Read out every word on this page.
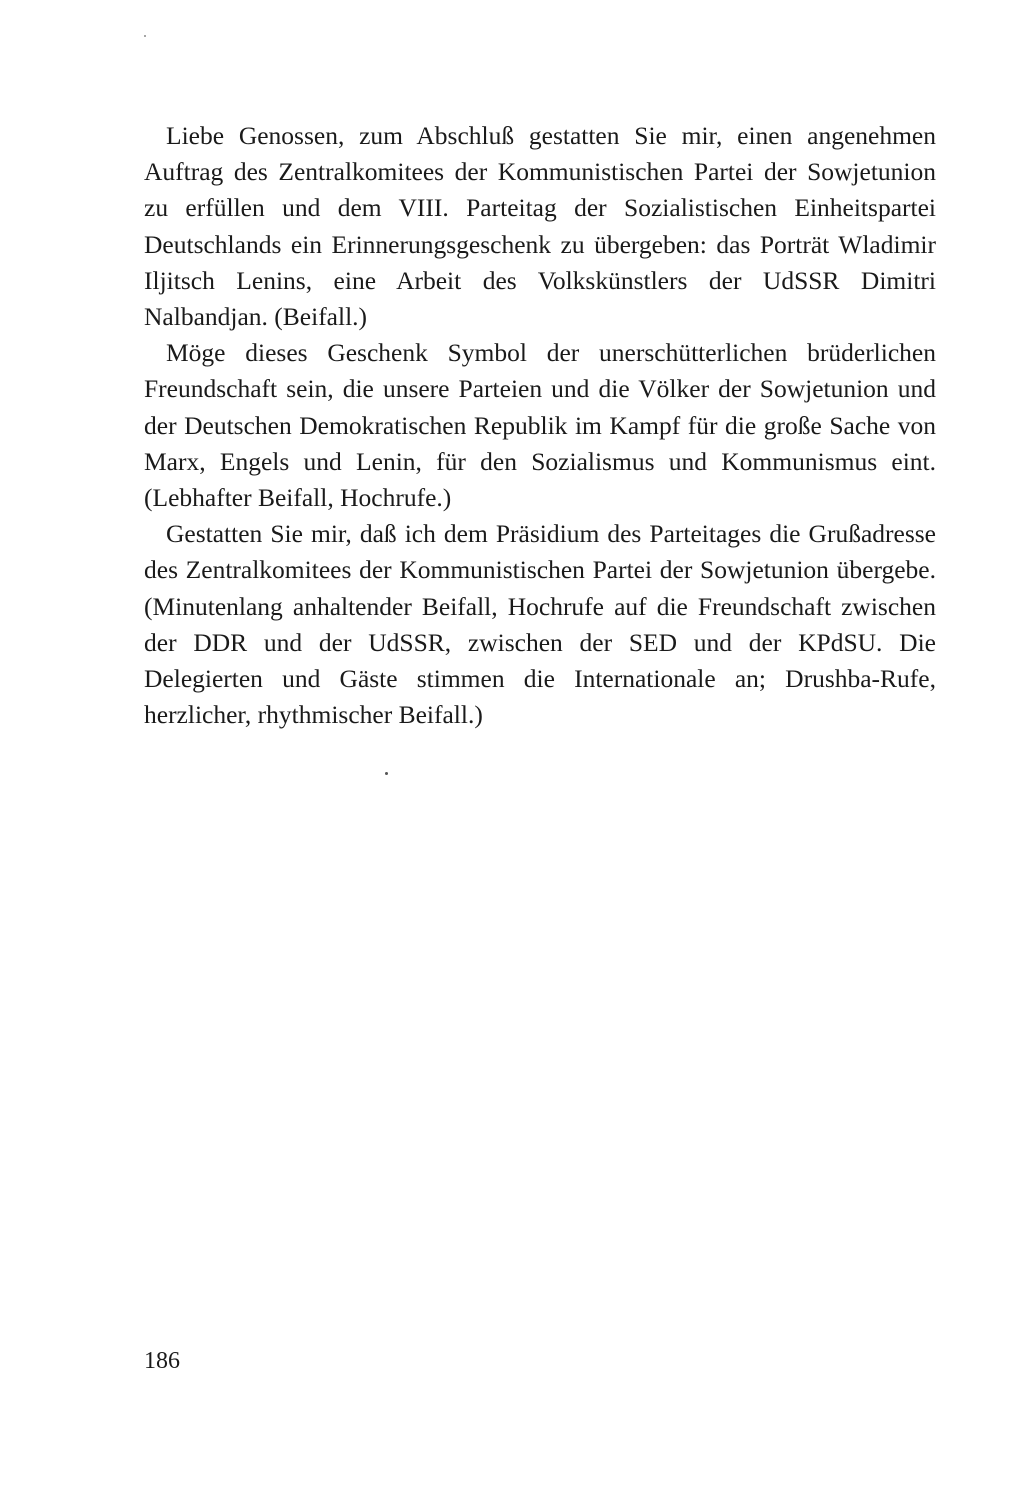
Liebe Genossen, zum Abschluß gestatten Sie mir, einen angenehmen Auftrag des Zentralkomitees der Kommunistischen Partei der Sowjetunion zu erfüllen und dem VIII. Parteitag der Sozialistischen Einheitspartei Deutschlands ein Erinnerungsgeschenk zu übergeben: das Porträt Wladimir Iljitsch Lenins, eine Arbeit des Volkskünstlers der UdSSR Dimitri Nalbandjan. (Beifall.)

Möge dieses Geschenk Symbol der unerschütterlichen brüderlichen Freundschaft sein, die unsere Parteien und die Völker der Sowjetunion und der Deutschen Demokratischen Republik im Kampf für die große Sache von Marx, Engels und Lenin, für den Sozialismus und Kommunismus eint. (Lebhafter Beifall, Hochrufe.)

Gestatten Sie mir, daß ich dem Präsidium des Parteitages die Grußadresse des Zentralkomitees der Kommunistischen Partei der Sowjetunion übergebe. (Minutenlang anhaltender Beifall, Hochrufe auf die Freundschaft zwischen der DDR und der UdSSR, zwischen der SED und der KPdSU. Die Delegierten und Gäste stimmen die Internationale an; Drushba-Rufe, herzlicher, rhythmischer Beifall.)

186
